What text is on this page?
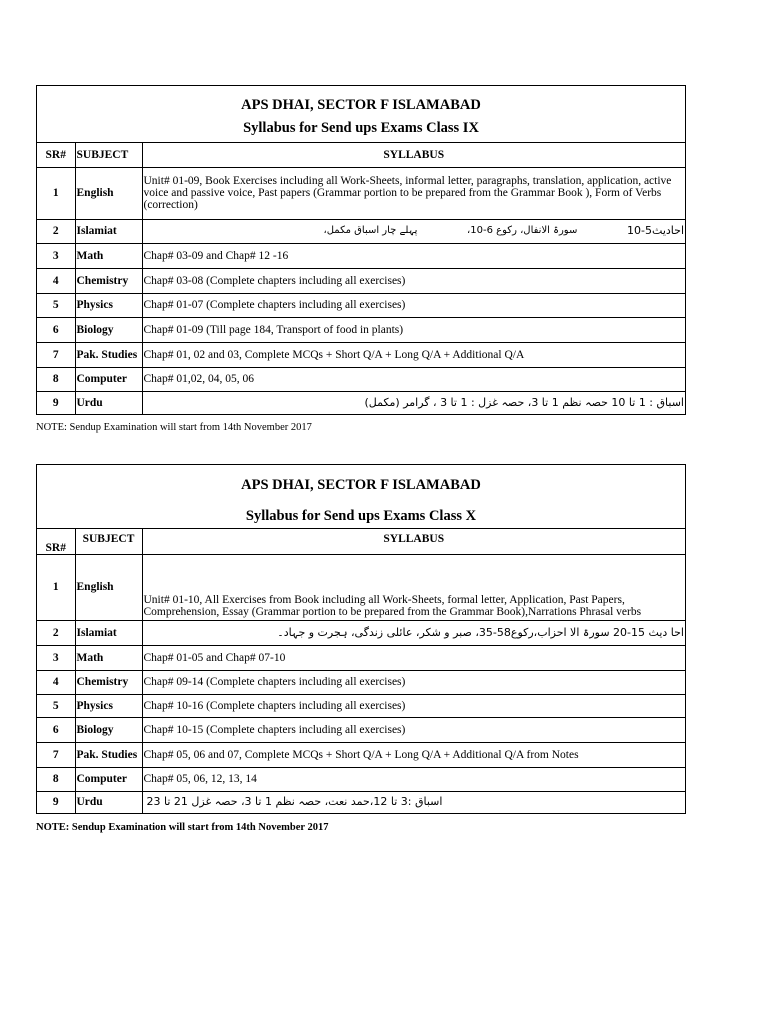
APS DHAI, SECTOR F ISLAMABAD
Syllabus for Send ups Exams Class IX
SR#	SUBJECT	SYLLABUS
1	English	Unit# 01-09, Book Exercises including all Work-Sheets, informal letter, paragraphs, translation, application, active voice and passive voice, Past papers (Grammar portion to be prepared from the Grammar Book ), Form of Verbs (correction)
2	Islamiat	احادیث5-10
سورۃ الانفال، رکوع 6-10،
پہلے چار اسباق مکمل،

3	Math	Chap# 03-09 and Chap# 12 -16
4	Chemistry	Chap# 03-08 (Complete chapters including all exercises)
5	Physics	Chap# 01-07 (Complete chapters including all exercises)
6	Biology	Chap# 01-09 (Till page 184, Transport of food in plants)
7	Pak. Studies	Chap# 01, 02 and 03, Complete MCQs + Short Q/A + Long Q/A + Additional Q/A
8	Computer	Chap# 01,02, 04, 05, 06
9	Urdu	اسباق : 1 تا 10 حصہ نظم 1 تا 3، حصہ غزل : 1 تا 3 ، گرامر (مکمل)
NOTE: Sendup Examination will start from 14th November 2017
APS DHAI, SECTOR F ISLAMABAD
Syllabus for Send ups Exams Class X
SR#	SUBJECT	SYLLABUS
1	English	Unit# 01-10, All Exercises from Book including all Work-Sheets, formal letter, Application, Past Papers, Comprehension, Essay (Grammar portion to be prepared from the Grammar Book),Narrations Phrasal verbs
2	Islamiat	احا دیث 15-20 سورۃ الا احزاب،رکوع58-35، صبر و شکر، عائلی زندگی، ہجرت و جہاد۔
3	Math	Chap# 01-05 and Chap# 07-10
4	Chemistry	Chap# 09-14 (Complete chapters including all exercises)
5	Physics	Chap# 10-16 (Complete chapters including all exercises)
6	Biology	Chap# 10-15 (Complete chapters including all exercises)
7	Pak. Studies	Chap# 05, 06 and 07, Complete MCQs + Short Q/A + Long Q/A + Additional Q/A from Notes
8	Computer	Chap# 05, 06, 12, 13, 14
9	Urdu	اسباق :3 تا 12،حمد نعت، حصہ نظم 1 تا 3، حصہ غزل 21 تا 23
NOTE: Sendup Examination will start from 14th November 2017
